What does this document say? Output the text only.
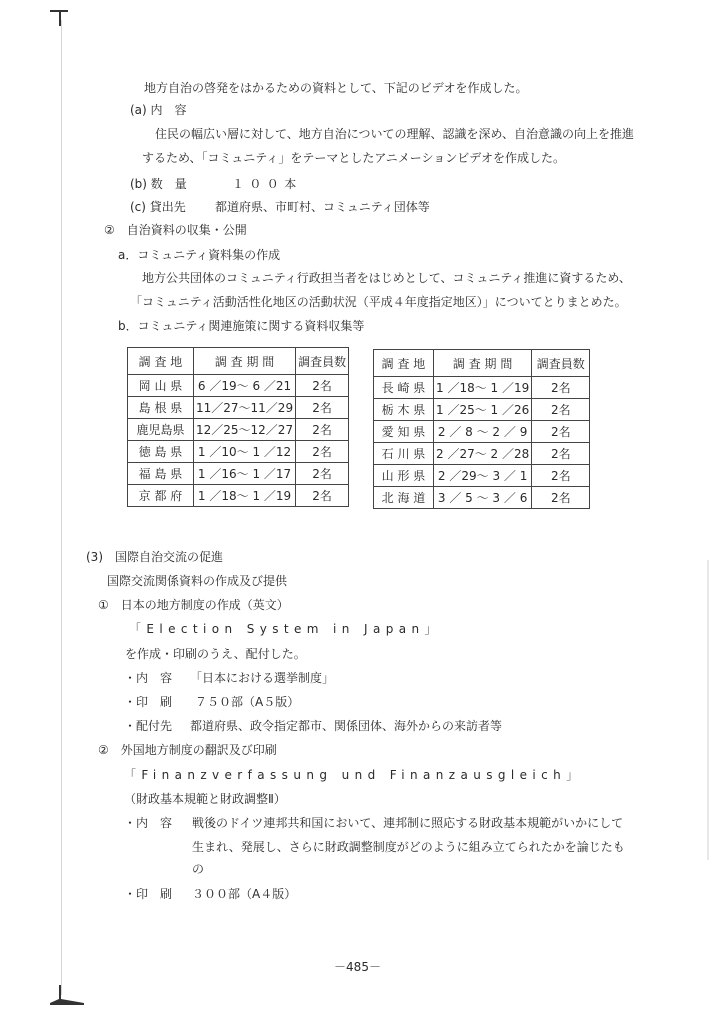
地方自治の啓発をはかるための資料として、下記のビデオを作成した。
(a) 内　容
住民の幅広い層に対して、地方自治についての理解、認識を深め、自治意識の向上を推進
するため、「コミュニティ」をテーマとしたアニメーションビデオを作成した。
(b) 数　量	１００本
(c) 貸出先 都道府県、市町村、コミュニティ団体等
②　自治資料の収集・公開
a．コミュニティ資料集の作成
地方公共団体のコミュニティ行政担当者をはじめとして、コミュニティ推進に資するため、
「コミュニティ活動活性化地区の活動状況（平成４年度指定地区）」についてとりまとめた。
b．コミュニティ関連施策に関する資料収集等
調 査 地	調 査 期 間	調査員数
岡 山 県	6 ／19～ 6 ／21	2名
島 根 県	11／27～11／29	2名
鹿児島県	12／25～12／27	2名
徳 島 県	1 ／10～ 1 ／12	2名
福 島 県	1 ／16～ 1 ／17	2名
京 都 府	1 ／18～ 1 ／19	2名
調 査 地	調 査 期 間	調査員数
長 崎 県	1 ／18～ 1 ／19	2名
栃 木 県	1 ／25～ 1 ／26	2名
愛 知 県	2 ／ 8 ～ 2 ／ 9	2名
石 川 県	2 ／27～ 2 ／28	2名
山 形 県	2 ／29～ 3 ／ 1	2名
北 海 道	3 ／ 5 ～ 3 ／ 6	2名
(3)　国際自治交流の促進
国際交流関係資料の作成及び提供
①　日本の地方制度の作成（英文）
「Election System in Japan」
を作成・印刷のうえ、配付した。
・内　容 「日本における選挙制度」
・印　刷 ７５０部（A５版）
・配付先 都道府県、政令指定都市、関係団体、海外からの来訪者等
②　外国地方制度の翻訳及び印刷
「Finanzverfassung und Finanzausgleich」
（財政基本規範と財政調整Ⅱ）
・内　容 戦後のドイツ連邦共和国において、連邦制に照応する財政基本規範がいかにして
生まれ、発展し、さらに財政調整制度がどのように組み立てられたかを論じたも
の
・印　刷 ３００部（A４版）
－485－
